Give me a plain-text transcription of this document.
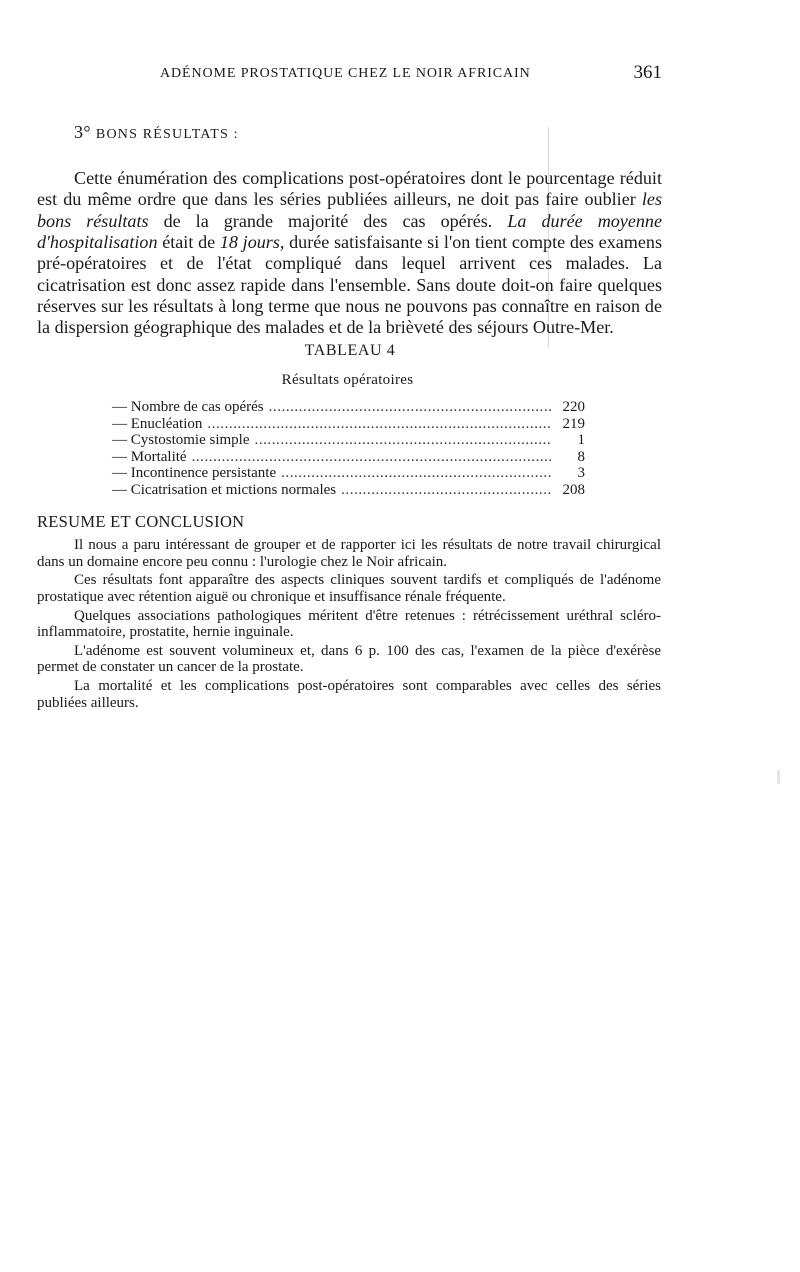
ADÉNOME PROSTATIQUE CHEZ LE NOIR AFRICAIN	361
3° BONS RÉSULTATS :

Cette énumération des complications post-opératoires dont le pourcentage réduit est du même ordre que dans les séries publiées ailleurs, ne doit pas faire oublier les bons résultats de la grande majorité des cas opérés. La durée moyenne d'hospitalisation était de 18 jours, durée satisfaisante si l'on tient compte des examens pré-opératoires et de l'état compliqué dans lequel arrivent ces malades. La cicatrisation est donc assez rapide dans l'ensemble. Sans doute doit-on faire quelques réserves sur les résultats à long terme que nous ne pouvons pas connaître en raison de la dispersion géographique des malades et de la brièveté des séjours Outre-Mer.

TABLEAU 4
Résultats opératoires
— Nombre de cas opérés . . .	220
— Enucléation . . .	219
— Cystostomie simple . . .	1
— Mortalité . . .	8
— Incontinence persistante . . .	3
— Cicatrisation et mictions normales . . .	208
RESUME ET CONCLUSION

Il nous a paru intéressant de grouper et de rapporter ici les résultats de notre travail chirurgical dans un domaine encore peu connu : l'urologie chez le Noir africain.

Ces résultats font apparaître des aspects cliniques souvent tardifs et compliqués de l'adénome prostatique avec rétention aiguë ou chronique et insuffisance rénale fréquente.

Quelques associations pathologiques méritent d'être retenues : rétrécissement uréthral scléro-inflammatoire, prostatite, hernie inguinale.

L'adénome est souvent volumineux et, dans 6 p. 100 des cas, l'examen de la pièce d'exérèse permet de constater un cancer de la prostate.

La mortalité et les complications post-opératoires sont comparables avec celles des séries publiées ailleurs.
